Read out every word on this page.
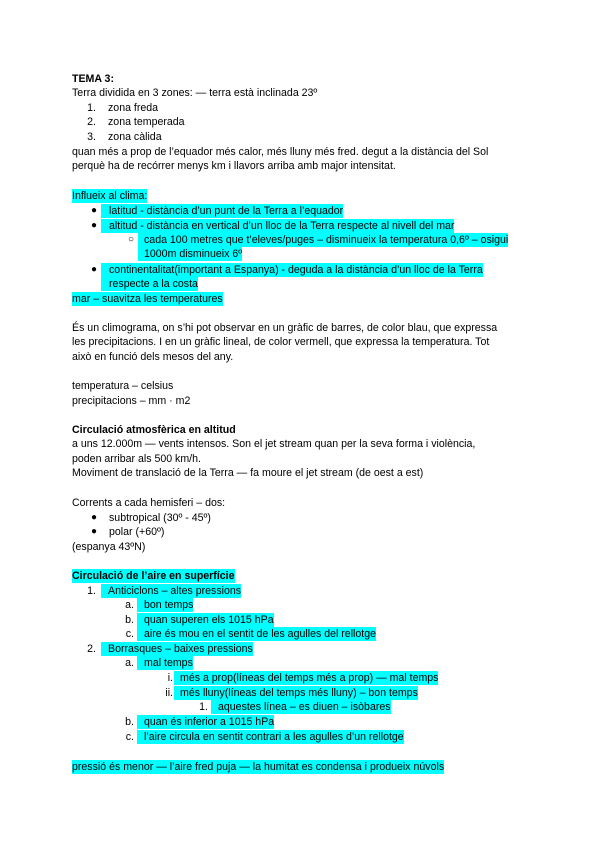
TEMA 3:
Terra dividida en 3 zones: — terra està inclinada 23º
1. zona freda
2. zona temperada
3. zona càlida
quan més a prop de l’equador més calor, més lluny més fred. degut a la distància del Sol
perquè ha de recórrer menys km i llavors arriba amb major intensitat.
Influeix al clima:
●	latitud - distància d’un punt de la Terra a l’equador
●	altitud - distància en vertical d’un lloc de la Terra respecte al nivell del mar
○ cada 100 metres que t’eleves/puges – disminueix la temperatura 0,6º – osigui
1000m disminueix 6º
●	continentalitat(important a Espanya) - deguda a la distància d’un lloc de la Terra
respecte a la costa
mar – suavitza les temperatures
És un climograma, on s’hi pot observar en un gràfic de barres, de color blau, que expressa
les precipitacions. I en un gràfic lineal, de color vermell, que expressa la temperatura. Tot
això en funció dels mesos del any.
temperatura – celsius
precipitacions – mm · m2
Circulació atmosfèrica en altitud
a uns 12.000m — vents intensos. Son el jet stream quan per la seva forma i violència,
poden arribar als 500 km/h.
Moviment de translació de la Terra — fa moure el jet stream (de oest a est)
Corrents a cada hemisferi – dos:
● subtropical (30º - 45º)
● polar (+60º)
(espanya 43ºN)
Circulació de l’aire en superfície
1.	Anticiclons – altes pressions
a. bon temps
b. quan superen els 1015 hPa
c. aire és mou en el sentit de les agulles del rellotge
2.	Borrasques – baixes pressions
a. mal temps
i. més a prop(líneas del temps més a prop) — mal temps
ii. més lluny(líneas del temps més lluny) – bon temps
1. aquestes línea – es diuen – isòbares
b. quan és inferior a 1015 hPa
c. l’aire circula en sentit contrari a les agulles d’un rellotge
pressió és menor — l’aire fred puja — la humitat es condensa i produeix núvols
